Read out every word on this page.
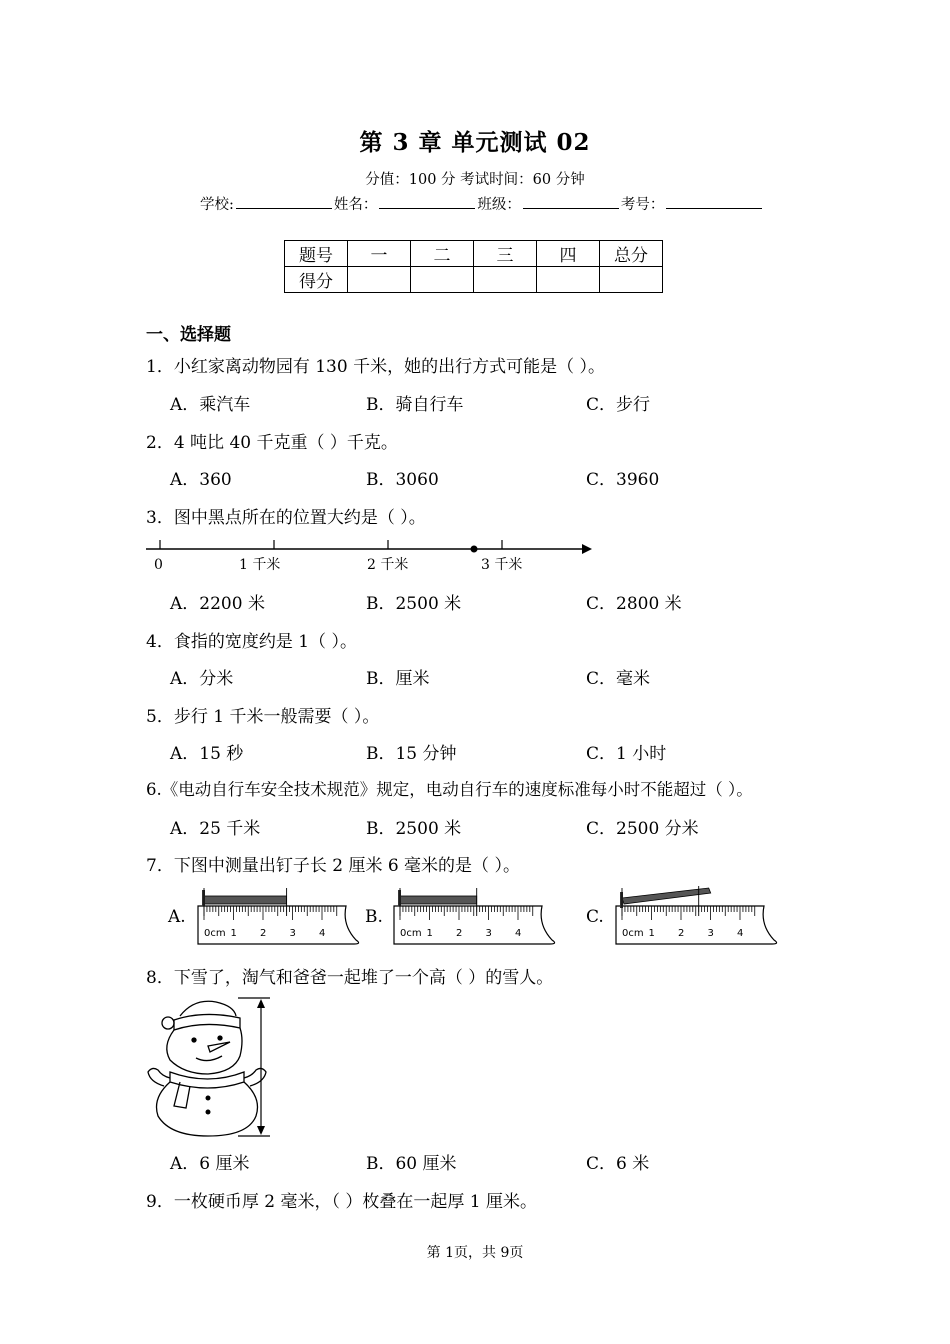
第 3 章 单元测试 02
分值：100 分 考试时间：60 分钟
学校:	姓名：	班级：	考号：
题号	一	二	三	四	总分
得分					
一、选择题
1．小红家离动物园有 130 千米，她的出行方式可能是（ ）。
A．乘汽车	B．骑自行车	C．步行
2．4 吨比 40 千克重（ ）千克。
A．360	B．3060	C．3960
3．图中黑点所在的位置大约是（ ）。
0	1 千米	2 千米	3 千米
A．2200 米	B．2500 米	C．2800 米
4．食指的宽度约是 1（ ）。
A．分米	B．厘米	C．毫米
5．步行 1 千米一般需要（ ）。
A．15 秒	B．15 分钟	C．1 小时
6.《电动自行车安全技术规范》规定，电动自行车的速度标准每小时不能超过（ ）。
A．25 千米	B．2500 米	C．2500 分米
7．下图中测量出钉子长 2 厘米 6 毫米的是（ ）。
A.	B.	C.
0cm 1 2 3 4	0cm 1 2 3 4	0cm 1 2 3 4
8．下雪了，淘气和爸爸一起堆了一个高（ ）的雪人。
A．6 厘米	B．60 厘米	C．6 米
9．一枚硬币厚 2 毫米，（ ）枚叠在一起厚 1 厘米。
第 1页，共 9页
